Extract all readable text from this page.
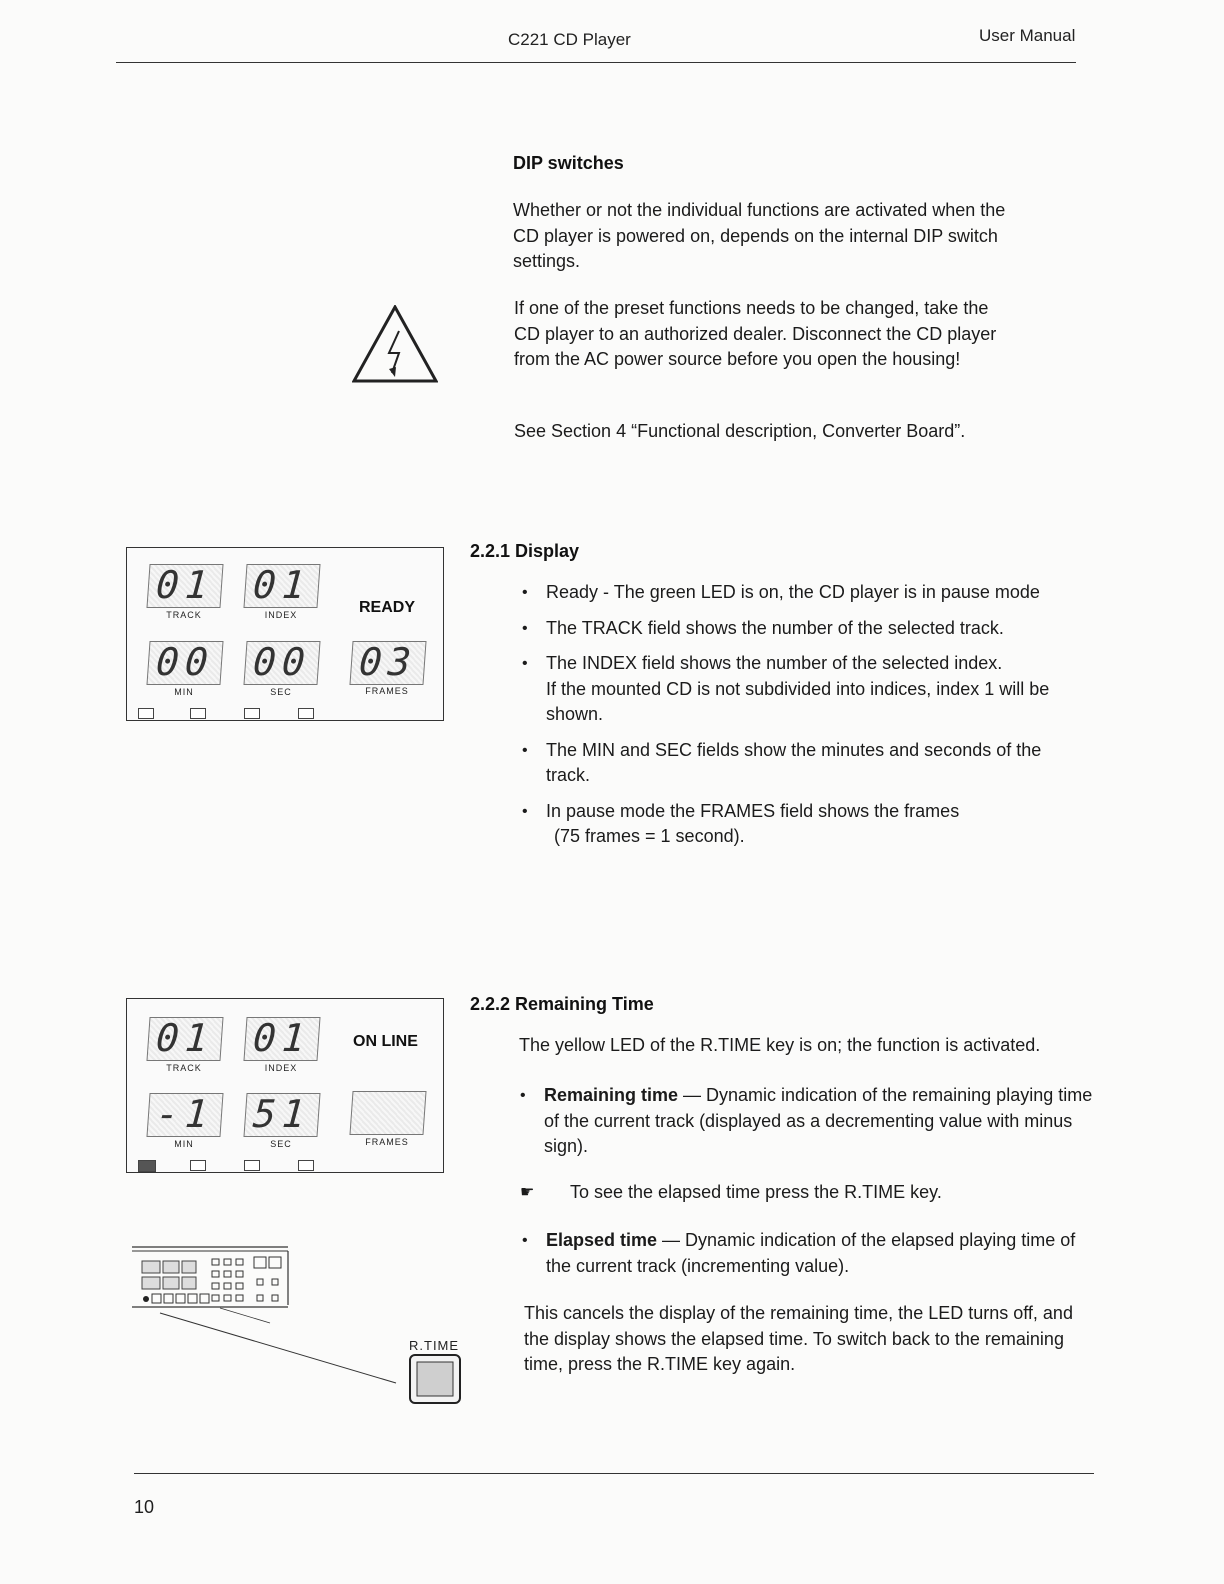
C221 CD Player	User Manual
DIP switches
Whether or not the individual functions are activated when the CD player is powered on, depends on the internal DIP switch settings.
If one of the preset functions needs to be changed, take the CD player to an authorized dealer. Disconnect the CD player from the AC power source before you open the housing!
See Section 4 “Functional description, Converter Board”.
01
TRACK
01
INDEX	READY
00
MIN
00
SEC
03
FRAMES
2.2.1 Display
• Ready - The green LED is on, the CD player is in pause mode
• The TRACK field shows the number of the selected track.
• The INDEX field shows the number of the selected index.
If the mounted CD is not subdivided into indices, index 1 will be shown.
• The MIN and SEC fields show the minutes and seconds of the track.
• In pause mode the FRAMES field shows the frames
(75 frames = 1 second).
01
TRACK
01
INDEX
ON LINE
-1
MIN
51
SEC	FRAMES
R.TIME
2.2.2 Remaining Time
The yellow LED of the R.TIME key is on; the function is activated.
• Remaining time — Dynamic indication of the remaining playing time of the current track (displayed as a decrementing value with minus sign).
☛ To see the elapsed time press the R.TIME key.
• Elapsed time — Dynamic indication of the elapsed playing time of the current track (incrementing value).
This cancels the display of the remaining time, the LED turns off, and the display shows the elapsed time. To switch back to the remaining time, press the R.TIME key again.
10
